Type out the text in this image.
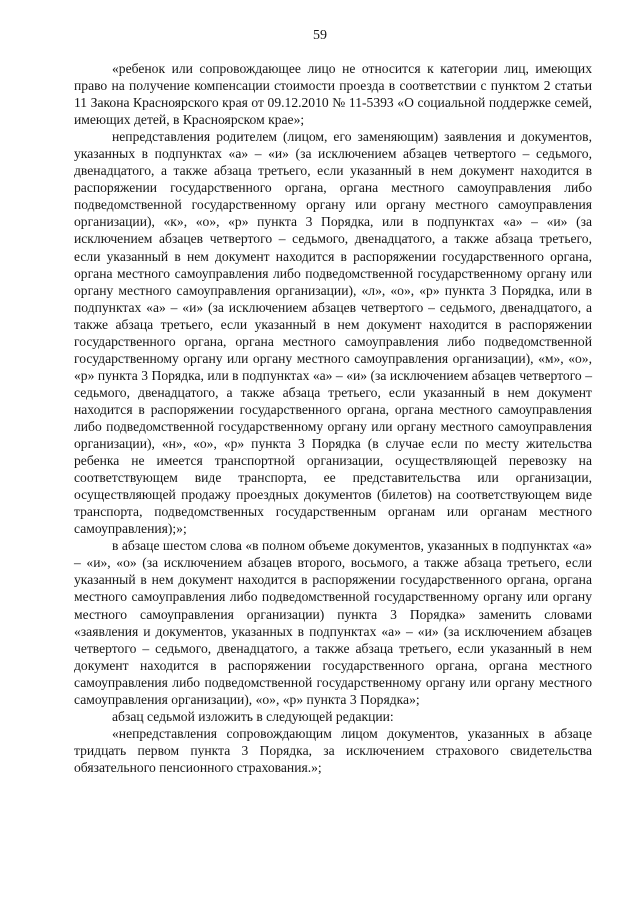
59

«ребенок или сопровождающее лицо не относится к категории лиц, имеющих право на получение компенсации стоимости проезда в соответствии с пунктом 2 статьи 11 Закона Красноярского края от 09.12.2010 № 11-5393 «О социальной поддержке семей, имеющих детей, в Красноярском крае»;

непредставления родителем (лицом, его заменяющим) заявления и документов, указанных в подпунктах «а» – «и» (за исключением абзацев четвертого – седьмого, двенадцатого, а также абзаца третьего, если указанный в нем документ находится в распоряжении государственного органа, органа местного самоуправления либо подведомственной государственному органу или органу местного самоуправления организации), «к», «о», «р» пункта 3 Порядка, или в подпунктах «а» – «и» (за исключением абзацев четвертого – седьмого, двенадцатого, а также абзаца третьего, если указанный в нем документ находится в распоряжении государственного органа, органа местного самоуправления либо подведомственной государственному органу или органу местного самоуправления организации), «л», «о», «р» пункта 3 Порядка, или в подпунктах «а» – «и» (за исключением абзацев четвертого – седьмого, двенадцатого, а также абзаца третьего, если указанный в нем документ находится в распоряжении государственного органа, органа местного самоуправления либо подведомственной государственному органу или органу местного самоуправления организации), «м», «о», «р» пункта 3 Порядка, или в подпунктах «а» – «и» (за исключением абзацев четвертого – седьмого, двенадцатого, а также абзаца третьего, если указанный в нем документ находится в распоряжении государственного органа, органа местного самоуправления либо подведомственной государственному органу или органу местного самоуправления организации), «н», «о», «р» пункта 3 Порядка (в случае если по месту жительства ребенка не имеется транспортной организации, осуществляющей перевозку на соответствующем виде транспорта, ее представительства или организации, осуществляющей продажу проездных документов (билетов) на соответствующем виде транспорта, подведомственных государственным органам или органам местного самоуправления);»;

в абзаце шестом слова «в полном объеме документов, указанных в подпунктах «а» – «и», «о» (за исключением абзацев второго, восьмого, а также абзаца третьего, если указанный в нем документ находится в распоряжении государственного органа, органа местного самоуправления либо подведомственной государственному органу или органу местного самоуправления организации) пункта 3 Порядка» заменить словами «заявления и документов, указанных в подпунктах «а» – «и» (за исключением абзацев четвертого – седьмого, двенадцатого, а также абзаца третьего, если указанный в нем документ находится в распоряжении государственного органа, органа местного самоуправления либо подведомственной государственному органу или органу местного самоуправления организации), «о», «р» пункта 3 Порядка»;

абзац седьмой изложить в следующей редакции:

«непредставления сопровождающим лицом документов, указанных в абзаце тридцать первом пункта 3 Порядка, за исключением страхового свидетельства обязательного пенсионного страхования.»;
